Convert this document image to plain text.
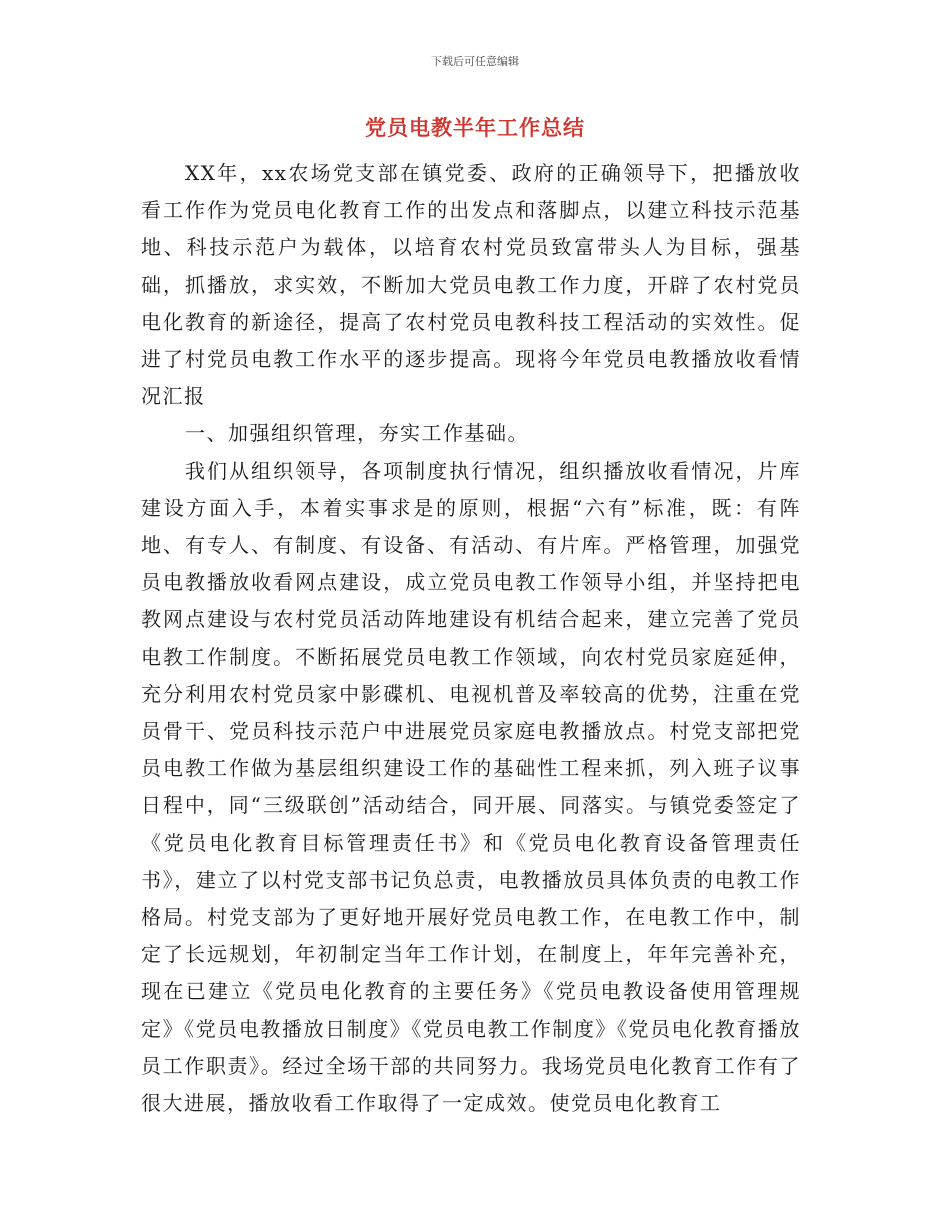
下载后可任意编辑
党员电教半年工作总结

XX年，xx农场党支部在镇党委、政府的正确领导下，把播放收看工作作为党员电化教育工作的出发点和落脚点，以建立科技示范基地、科技示范户为载体，以培育农村党员致富带头人为目标，强基础，抓播放，求实效，不断加大党员电教工作力度，开辟了农村党员电化教育的新途径，提高了农村党员电教科技工程活动的实效性。促进了村党员电教工作水平的逐步提高。现将今年党员电教播放收看情况汇报

一、加强组织管理，夯实工作基础。

我们从组织领导，各项制度执行情况，组织播放收看情况，片库建设方面入手，本着实事求是的原则，根据“六有”标准，既：有阵地、有专人、有制度、有设备、有活动、有片库。严格管理，加强党员电教播放收看网点建设，成立党员电教工作领导小组，并坚持把电教网点建设与农村党员活动阵地建设有机结合起来，建立完善了党员电教工作制度。不断拓展党员电教工作领域，向农村党员家庭延伸，充分利用农村党员家中影碟机、电视机普及率较高的优势，注重在党员骨干、党员科技示范户中进展党员家庭电教播放点。村党支部把党员电教工作做为基层组织建设工作的基础性工程来抓，列入班子议事日程中，同“三级联创”活动结合，同开展、同落实。与镇党委签定了《党员电化教育目标管理责任书》和《党员电化教育设备管理责任书》，建立了以村党支部书记负总责，电教播放员具体负责的电教工作格局。村党支部为了更好地开展好党员电教工作，在电教工作中，制定了长远规划，年初制定当年工作计划，在制度上，年年完善补充，现在已建立《党员电化教育的主要任务》《党员电教设备使用管理规定》《党员电教播放日制度》《党员电教工作制度》《党员电化教育播放员工作职责》。经过全场干部的共同努力。我场党员电化教育工作有了很大进展，播放收看工作取得了一定成效。使党员电化教育工
